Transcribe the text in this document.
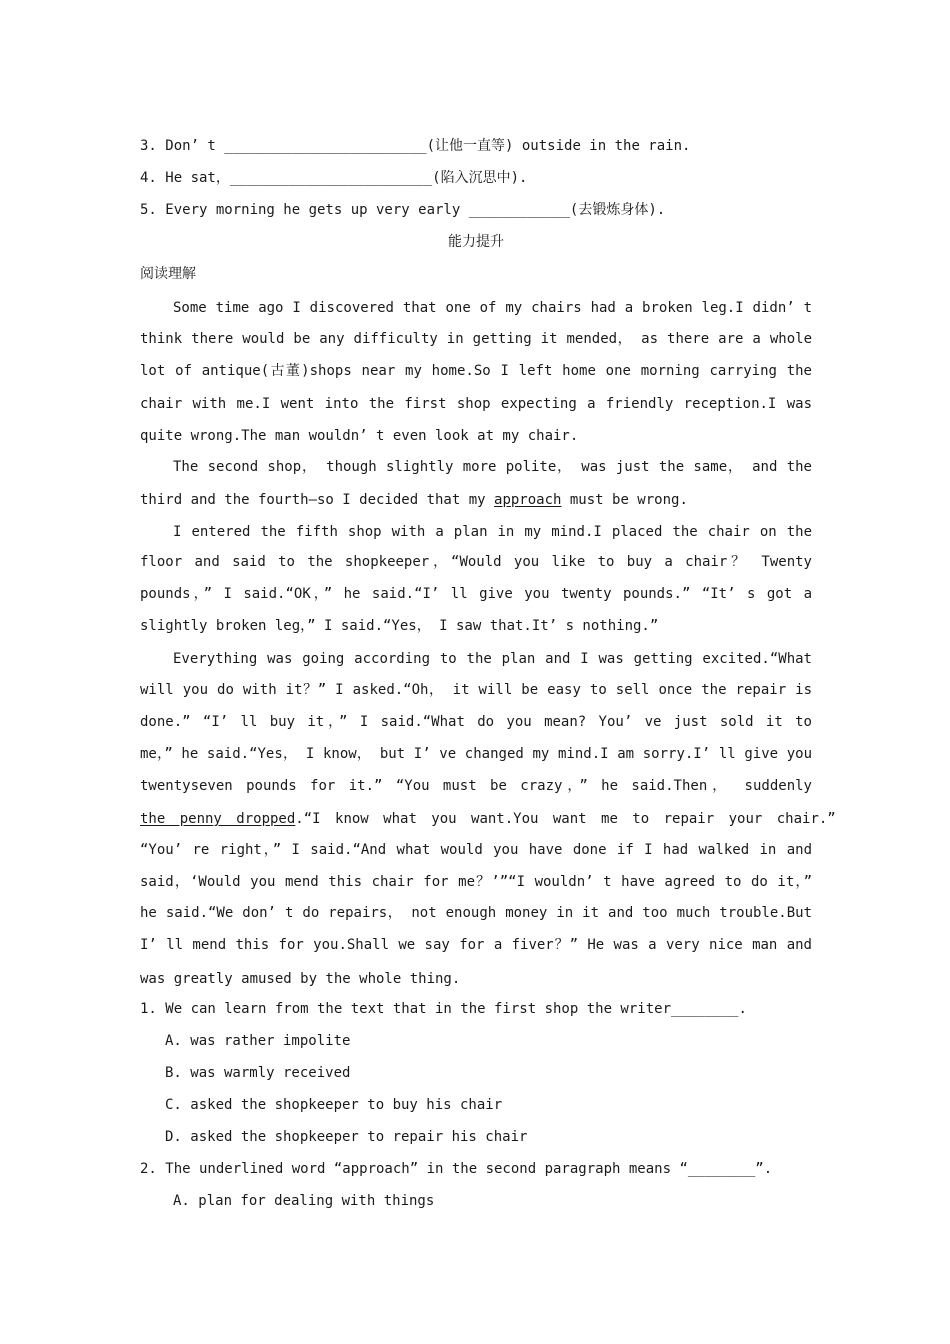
3. Don’ t ________________________(让他一直等) outside in the rain.
4. He sat，________________________(陷入沉思中).
5. Every morning he gets up very early ____________(去锻炼身体).
能力提升
阅读理解
Some time ago I discovered that one of my chairs had a broken leg.I didn’ t
think there would be any difficulty in getting it mended， as there are a whole
lot of antique(古董)shops near my home.So I left home one morning carrying the
chair with me.I went into the first shop expecting a friendly reception.I was
quite wrong.The man wouldn’ t even look at my chair.
The second shop， though slightly more polite， was just the same， and the
third and the fourth—so I decided that my approach must be wrong.
I entered the fifth shop with a plan in my mind.I placed the chair on the
floor and said to the shopkeeper，“Would you like to buy a chair？ Twenty
pounds，” I said.“OK，” he said.“I’ ll give you twenty pounds.” “It’ s got a
slightly broken leg，” I said.“Yes， I saw that.It’ s nothing.”
Everything was going according to the plan and I was getting excited.“What
will you do with it？” I asked.“Oh， it will be easy to sell once the repair is
done.” “I’ ll buy it，” I said.“What do you mean? You’ ve just sold it to
me，” he said.“Yes， I know， but I’ ve changed my mind.I am sorry.I’ ll give you
twentyseven pounds for it.” “You must be crazy，” he said.Then， suddenly
the penny dropped.“I know what you want.You want me to repair your chair.”
“You’ re right，” I said.“And what would you have done if I had walked in and
said，‘Would you mend this chair for me？’”“I wouldn’ t have agreed to do it，”
he said.“We don’ t do repairs， not enough money in it and too much trouble.But
I’ ll mend this for you.Shall we say for a fiver？” He was a very nice man and
was greatly amused by the whole thing.
1. We can learn from the text that in the first shop the writer________.
A. was rather impolite
B. was warmly received
C. asked the shopkeeper to buy his chair
D. asked the shopkeeper to repair his chair
2. The underlined word “approach” in the second paragraph means “________”.
A. plan for dealing with things
